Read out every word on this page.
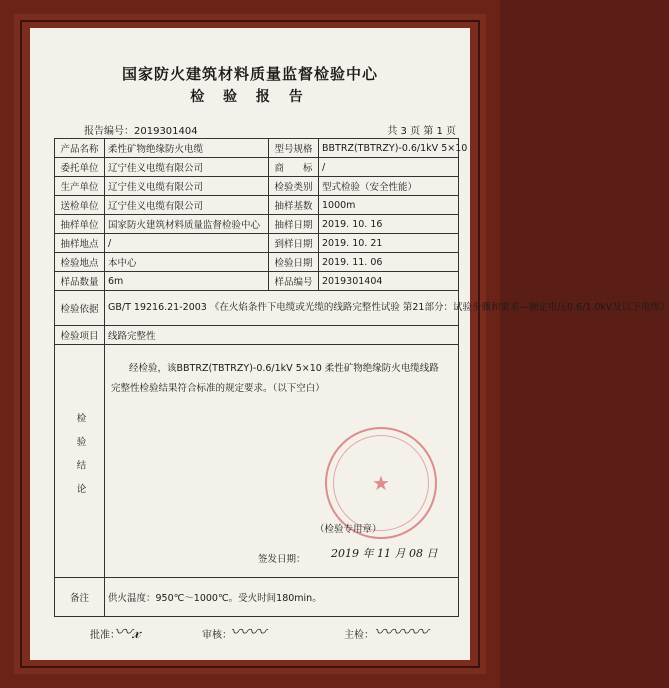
国家防火建筑材料质量监督检验中心
检 验 报 告
报告编号：2019301404	共 3 页 第 1 页
产品名称	柔性矿物绝缘防火电缆	型号规格	BBTRZ(TBTRZY)-0.6/1kV 5×10
委托单位	辽宁佳义电缆有限公司	商　　标	/
生产单位	辽宁佳义电缆有限公司	检验类别	型式检验（安全性能）
送检单位	辽宁佳义电缆有限公司	抽样基数	1000m
抽样单位	国家防火建筑材料质量监督检验中心	抽样日期	2019. 10. 16
抽样地点	/	到样日期	2019. 10. 21
检验地点	本中心	检验日期	2019. 11. 06
样品数量	6m	样品编号	2019301404
检验依据	GB/T 19216.21-2003 《在火焰条件下电缆或光缆的线路完整性试验 第21部分：试验步骤和要求—额定电压0.6/1.0kV及以下电缆》		
检验项目	线路完整性		
检验结论	经检验，该BBTRZ(TBTRZY)-0.6/1kV 5×10 柔性矿物绝缘防火电缆线路完整性检验结果符合标准的规定要求。（以下空白）
★
（检验专用章）
签发日期： 2019 年 11 月 08 日		

备注	供火温度：950℃～1000℃。受火时间180min。		
批准：
〰𝓍	审核：
〰〰	主检： 〰〰〰
